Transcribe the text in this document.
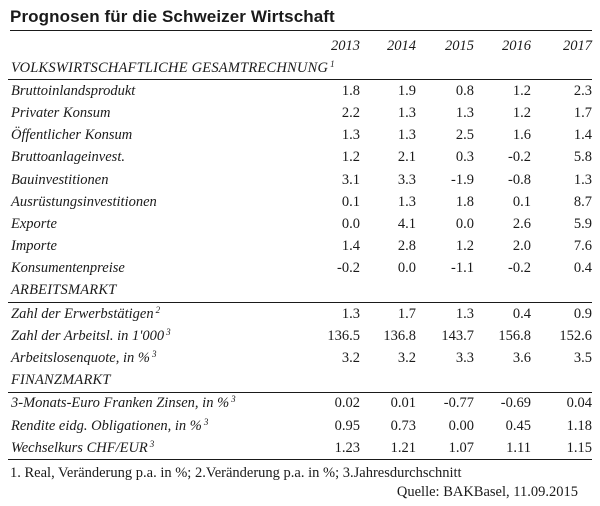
Prognosen für die Schweizer Wirtschaft
	2013	2014	2015	2016	2017
VOLKSWIRTSCHAFTLICHE GESAMTRECHNUNG $^1$
Bruttoinlandsprodukt	1.8	1.9	0.8	1.2	2.3
Privater Konsum	2.2	1.3	1.3	1.2	1.7
Öffentlicher Konsum	1.3	1.3	2.5	1.6	1.4
Bruttoanlageinvest.	1.2	2.1	0.3	-0.2	5.8
Bauinvestitionen	3.1	3.3	-1.9	-0.8	1.3
Ausrüstungsinvestitionen	0.1	1.3	1.8	0.1	8.7
Exporte	0.0	4.1	0.0	2.6	5.9
Importe	1.4	2.8	1.2	2.0	7.6
Konsumentenpreise	-0.2	0.0	-1.1	-0.2	0.4
ARBEITSMARKT					
Zahl der Erwerbstätigen $^2$	1.3	1.7	1.3	0.4	0.9
Zahl der Arbeitsl. in 1'000 $^3$	136.5	136.8	143.7	156.8	152.6
Arbeitslosenquote, in % $^3$	3.2	3.2	3.3	3.6	3.5
FINANZMARKT					
3-Monats-Euro Franken Zinsen, in % $^3$	0.02	0.01	-0.77	-0.69	0.04
Rendite eidg. Obligationen, in % $^3$	0.95	0.73	0.00	0.45	1.18
Wechselkurs CHF/EUR $^3$	1.23	1.21	1.07	1.11	1.15
1. Real, Veränderung p.a. in %; 2.Veränderung p.a. in %; 3.Jahresdurchschnitt
Quelle: BAKBasel, 11.09.2015
